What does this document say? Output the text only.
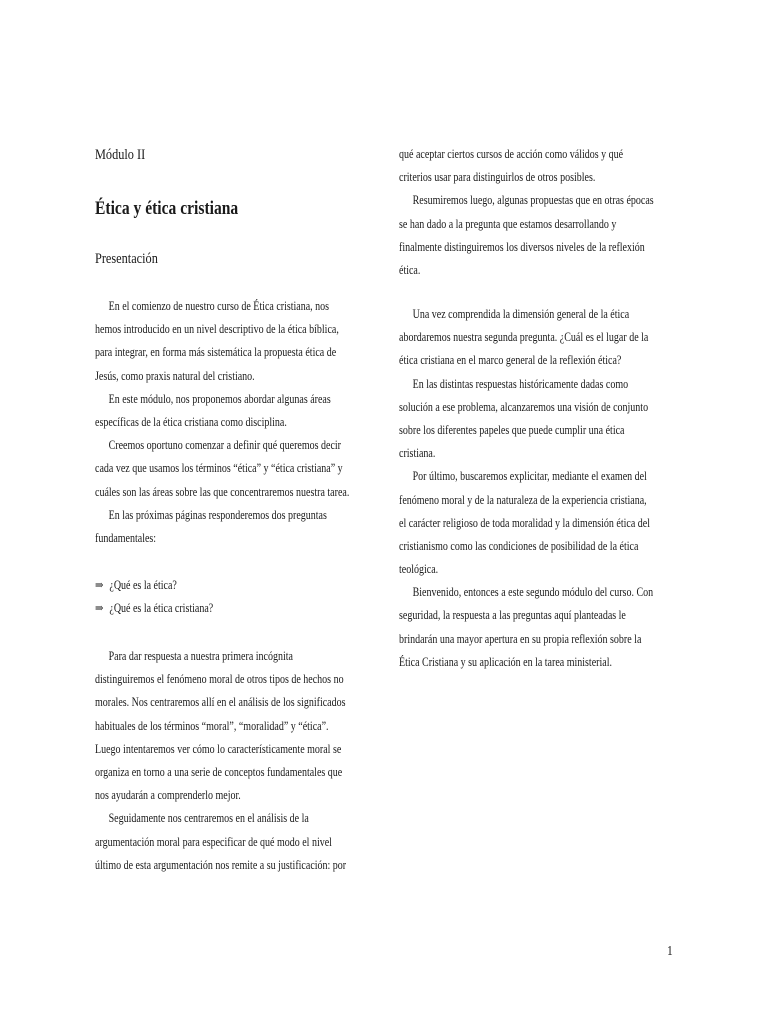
Módulo II
Ética y ética cristiana
Presentación
En el comienzo de nuestro curso de Ética cristiana, nos
hemos introducido en un nivel descriptivo de la ética bíblica,
para integrar, en forma más sistemática la propuesta ética de
Jesús, como praxis natural del cristiano.
En este módulo, nos proponemos abordar algunas áreas
específicas de la ética cristiana como disciplina.
Creemos oportuno comenzar a definir qué queremos decir
cada vez que usamos los términos “ética” y “ética cristiana” y
cuáles son las áreas sobre las que concentraremos nuestra tarea.
En las próximas páginas responderemos dos preguntas
fundamentales:
⇒ ¿Qué es la ética?
⇒ ¿Qué es la ética cristiana?
Para dar respuesta a nuestra primera incógnita
distinguiremos el fenómeno moral de otros tipos de hechos no
morales. Nos centraremos allí en el análisis de los significados
habituales de los términos “moral”, “moralidad” y “ética”.
Luego intentaremos ver cómo lo característicamente moral se
organiza en torno a una serie de conceptos fundamentales que
nos ayudarán a comprenderlo mejor.
Seguidamente nos centraremos en el análisis de la
argumentación moral para especificar de qué modo el nivel
último de esta argumentación nos remite a su justificación: por
qué aceptar ciertos cursos de acción como válidos y qué
criterios usar para distinguirlos de otros posibles.
Resumiremos luego, algunas propuestas que en otras épocas
se han dado a la pregunta que estamos desarrollando y
finalmente distinguiremos los diversos niveles de la reflexión
ética.
Una vez comprendida la dimensión general de la ética
abordaremos nuestra segunda pregunta. ¿Cuál es el lugar de la
ética cristiana en el marco general de la reflexión ética?
En las distintas respuestas históricamente dadas como
solución a ese problema, alcanzaremos una visión de conjunto
sobre los diferentes papeles que puede cumplir una ética
cristiana.
Por último, buscaremos explicitar, mediante el examen del
fenómeno moral y de la naturaleza de la experiencia cristiana,
el carácter religioso de toda moralidad y la dimensión ética del
cristianismo como las condiciones de posibilidad de la ética
teológica.
Bienvenido, entonces a este segundo módulo del curso. Con
seguridad, la respuesta a las preguntas aquí planteadas le
brindarán una mayor apertura en su propia reflexión sobre la
Ética Cristiana y su aplicación en la tarea ministerial.
1
